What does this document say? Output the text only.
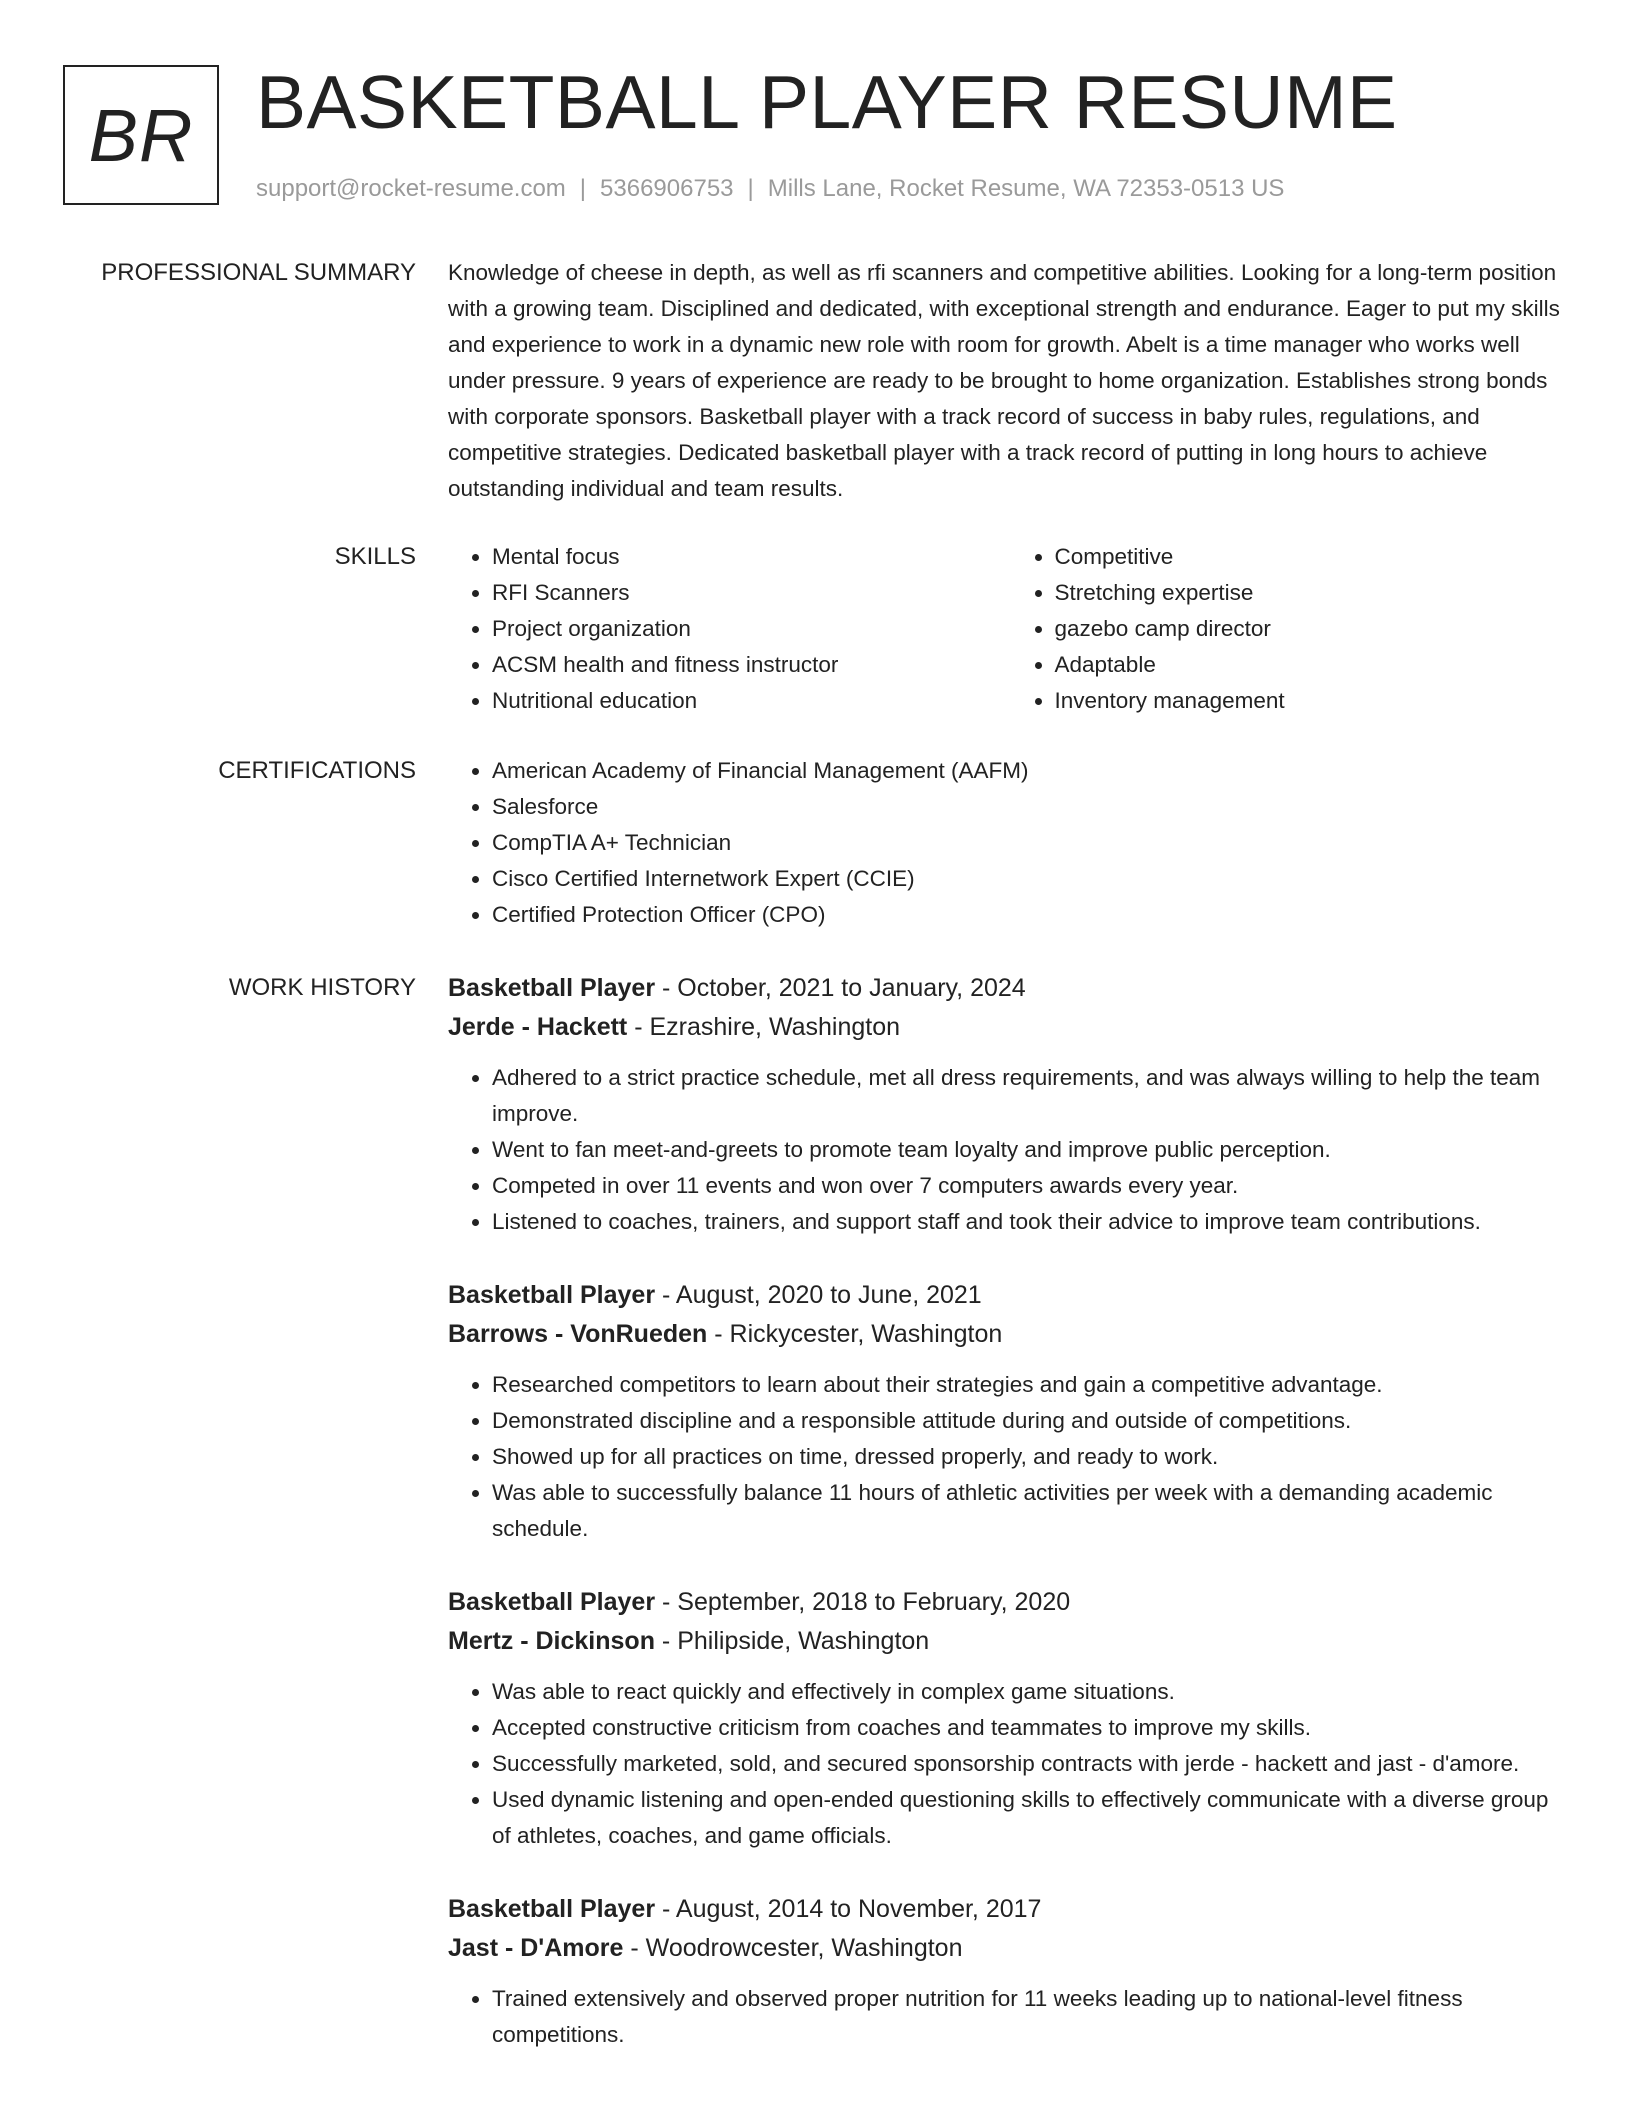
BR BASKETBALL PLAYER RESUME
support@rocket-resume.com | 5366906753 | Mills Lane, Rocket Resume, WA 72353-0513 US
PROFESSIONAL SUMMARY Knowledge of cheese in depth, as well as rfi scanners and competitive abilities. Looking for a long-term position with a growing team. Disciplined and dedicated, with exceptional strength and endurance. Eager to put my skills and experience to work in a dynamic new role with room for growth. Abelt is a time manager who works well under pressure. 9 years of experience are ready to be brought to home organization. Establishes strong bonds with corporate sponsors. Basketball player with a track record of success in baby rules, regulations, and competitive strategies. Dedicated basketball player with a track record of putting in long hours to achieve outstanding individual and team results.

SKILLS	• Mental focus
• RFI Scanners
• Project organization
• ACSM health and fitness instructor
• Nutritional education
• Competitive
• Stretching expertise
• gazebo camp director
• Adaptable
• Inventory management
CERTIFICATIONS	• American Academy of Financial Management (AAFM)
• Salesforce
• CompTIA A+ Technician
• Cisco Certified Internetwork Expert (CCIE)
• Certified Protection Officer (CPO)
WORK HISTORY Basketball Player - October, 2021 to January, 2024
Jerde - Hackett - Ezrashire, Washington
• Adhered to a strict practice schedule, met all dress requirements, and was always willing to help the team improve.
• Went to fan meet-and-greets to promote team loyalty and improve public perception.
• Competed in over 11 events and won over 7 computers awards every year.
• Listened to coaches, trainers, and support staff and took their advice to improve team contributions.
Basketball Player - August, 2020 to June, 2021
Barrows - VonRueden - Rickycester, Washington
• Researched competitors to learn about their strategies and gain a competitive advantage.
• Demonstrated discipline and a responsible attitude during and outside of competitions.
• Showed up for all practices on time, dressed properly, and ready to work.
• Was able to successfully balance 11 hours of athletic activities per week with a demanding academic schedule.
Basketball Player - September, 2018 to February, 2020
Mertz - Dickinson - Philipside, Washington
• Was able to react quickly and effectively in complex game situations.
• Accepted constructive criticism from coaches and teammates to improve my skills.
• Successfully marketed, sold, and secured sponsorship contracts with jerde - hackett and jast - d'amore.
• Used dynamic listening and open-ended questioning skills to effectively communicate with a diverse group of athletes, coaches, and game officials.
Basketball Player - August, 2014 to November, 2017
Jast - D'Amore - Woodrowcester, Washington
• Trained extensively and observed proper nutrition for 11 weeks leading up to national-level fitness competitions.
